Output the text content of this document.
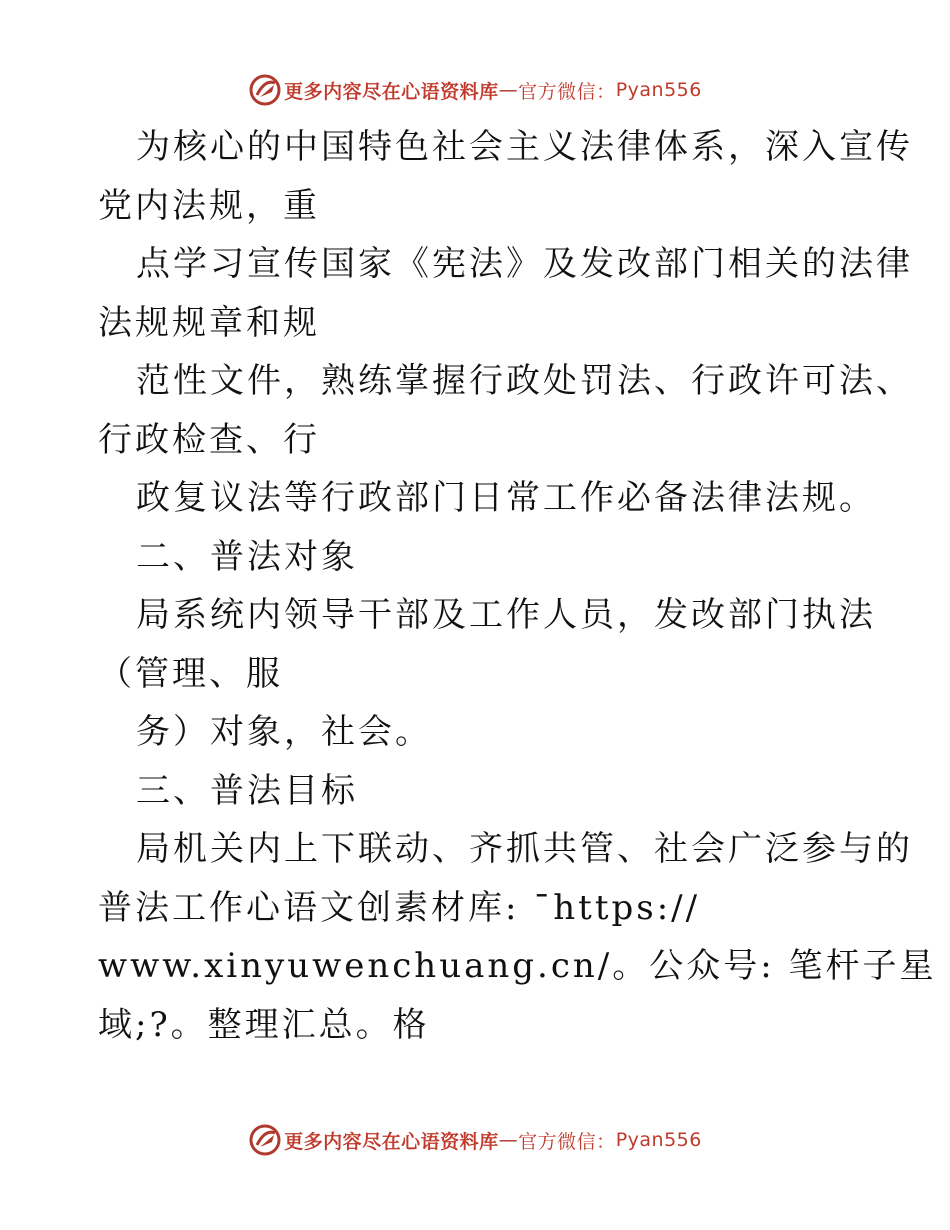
更多内容尽在心语资料库 — 官方微信： Pyan556
为核心的中国特色社会主义法律体系，深入宣传
党内法规，重
点学习宣传国家《宪法》及发改部门相关的法律
法规规章和规
范性文件，熟练掌握行政处罚法、行政许可法、
行政检查、行
政复议法等行政部门日常工作必备法律法规。
二、普法对象
局系统内领导干部及工作人员，发改部门执法
（管理、服
务）对象，社会。
三、普法目标
局机关内上下联动、齐抓共管、社会广泛参与的
普法工作心语文创素材库: ¯https://
www.xinyuwenchuang.cn/。公众号: 笔杆子星
域;?。整理汇总。格
更多内容尽在心语资料库 — 官方微信： Pyan556
